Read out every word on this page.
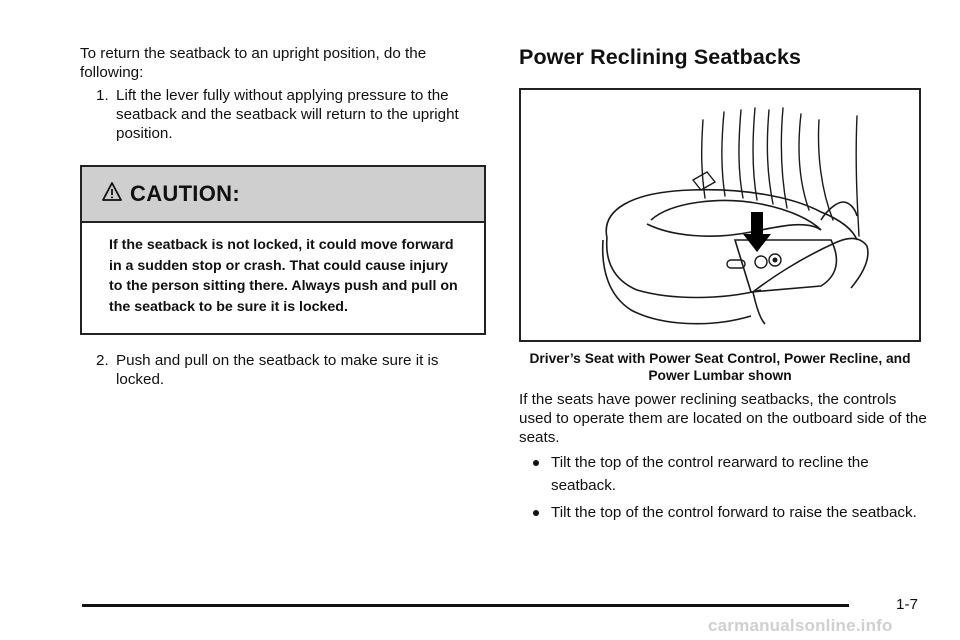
To return the seatback to an upright position, do the following:

1. Lift the lever fully without applying pressure to the seatback and the seatback will return to the upright position.

CAUTION:

If the seatback is not locked, it could move forward in a sudden stop or crash. That could cause injury to the person sitting there. Always push and pull on the seatback to be sure it is locked.

2. Push and pull on the seatback to make sure it is locked.

Power Reclining Seatbacks

Driver’s Seat with Power Seat Control, Power Recline, and Power Lumbar shown

If the seats have power reclining seatbacks, the controls used to operate them are located on the outboard side of the seats.

Tilt the top of the control rearward to recline the seatback.
Tilt the top of the control forward to raise the seatback.
1-7
carmanualsonline.info
